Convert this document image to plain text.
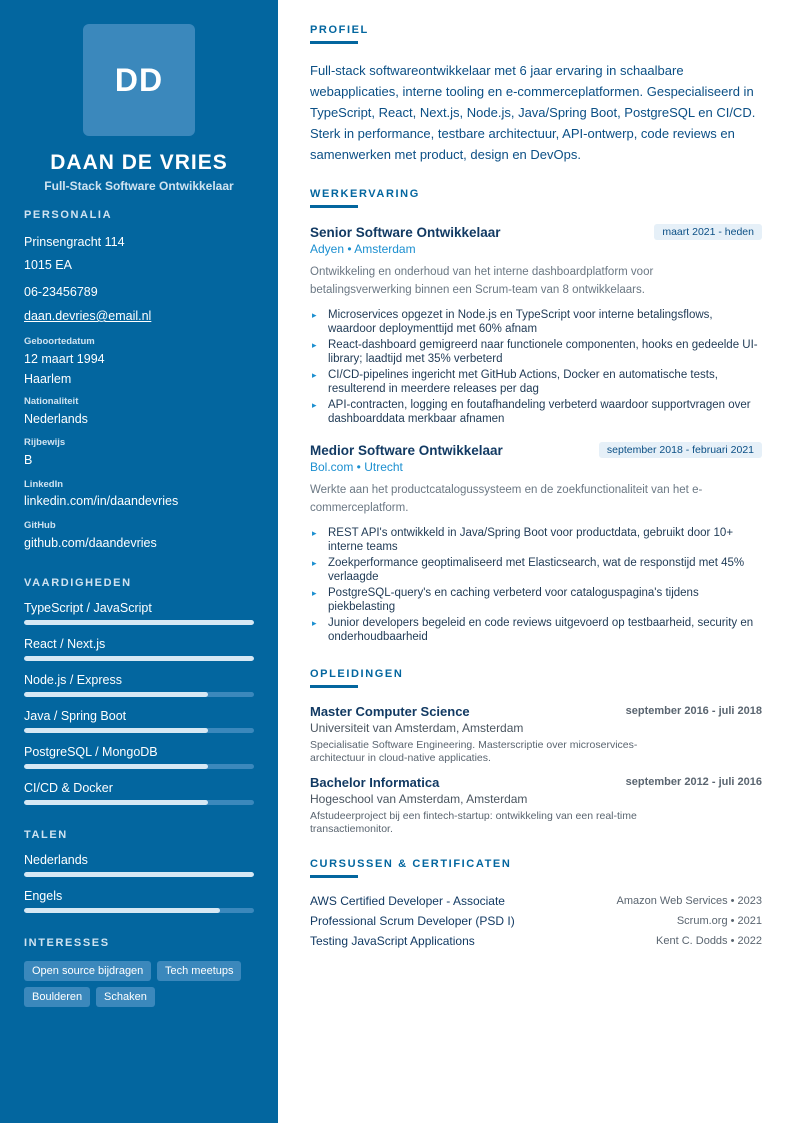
DD
DAAN DE VRIES
Full-Stack Software Ontwikkelaar
PERSONALIA
Prinsengracht 114
1015 EA
06-23456789
daan.devries@email.nl
Geboortedatum
12 maart 1994
Haarlem
Nationaliteit
Nederlands
Rijbewijs
B
LinkedIn
linkedin.com/in/daandevries
GitHub
github.com/daandevries
VAARDIGHEDEN
TypeScript / JavaScript
React / Next.js
Node.js / Express
Java / Spring Boot
PostgreSQL / MongoDB
CI/CD & Docker
TALEN
Nederlands
Engels
INTERESSES
Open source bijdragen	Tech meetups
Boulderen	Schaken
PROFIEL

Full-stack softwareontwikkelaar met 6 jaar ervaring in schaalbare webapplicaties, interne tooling en e-commerceplatformen. Gespecialiseerd in TypeScript, React, Next.js, Node.js, Java/Spring Boot, PostgreSQL en CI/CD. Sterk in performance, testbare architectuur, API-ontwerp, code reviews en samenwerken met product, design en DevOps.

WERKERVARING
Senior Software Ontwikkelaar	maart 2021 - heden
Adyen • Amsterdam

Ontwikkeling en onderhoud van het interne dashboardplatform voor betalingsverwerking binnen een Scrum-team van 8 ontwikkelaars.

▸ Microservices opgezet in Node.js en TypeScript voor interne betalingsflows, waardoor deploymenttijd met 60% afnam
▸ React-dashboard gemigreerd naar functionele componenten, hooks en gedeelde UI-library; laadtijd met 35% verbeterd
▸ CI/CD-pipelines ingericht met GitHub Actions, Docker en automatische tests, resulterend in meerdere releases per dag
▸ API-contracten, logging en foutafhandeling verbeterd waardoor supportvragen over dashboarddata merkbaar afnamen
Medior Software Ontwikkelaar	september 2018 - februari 2021
Bol.com • Utrecht

Werkte aan het productcatalogussysteem en de zoekfunctionaliteit van het e-commerceplatform.

▸ REST API's ontwikkeld in Java/Spring Boot voor productdata, gebruikt door 10+ interne teams
▸ Zoekperformance geoptimaliseerd met Elasticsearch, wat de responstijd met 45% verlaagde
▸ PostgreSQL-query's en caching verbeterd voor cataloguspagina's tijdens piekbelasting
▸ Junior developers begeleid en code reviews uitgevoerd op testbaarheid, security en onderhoudbaarheid
OPLEIDINGEN
Master Computer Science	september 2016 - juli 2018
Universiteit van Amsterdam, Amsterdam

Specialisatie Software Engineering. Masterscriptie over microservices-architectuur in cloud-native applicaties.

Bachelor Informatica	september 2012 - juli 2016
Hogeschool van Amsterdam, Amsterdam

Afstudeerproject bij een fintech-startup: ontwikkeling van een real-time transactiemonitor.

CURSUSSEN & CERTIFICATEN
AWS Certified Developer - Associate	Amazon Web Services • 2023
Professional Scrum Developer (PSD I)	Scrum.org • 2021
Testing JavaScript Applications	Kent C. Dodds • 2022
